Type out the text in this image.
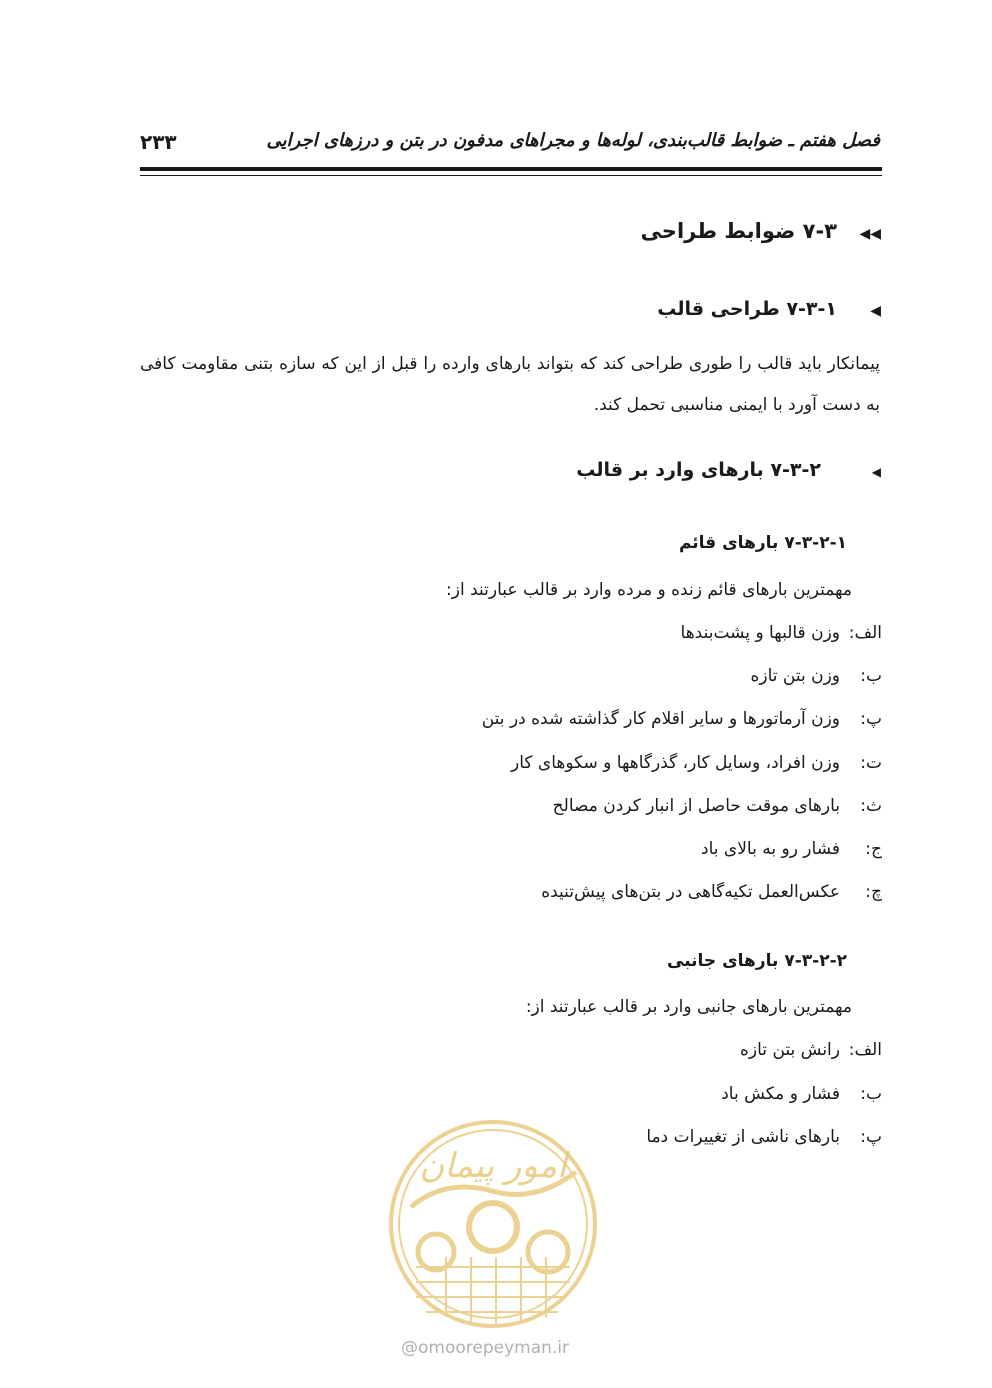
فصل هفتم ـ ضوابط قالب‌بندی، لوله‌ها و مجراهای مدفون در بتن و درزهای اجرایی
۲۳۳
◀◀۷-۳ ضوابط طراحی
◀۷-۳-۱ طراحی قالب
پیمانکار باید قالب را طوری طراحی کند که بتواند بارهای وارده را قبل از این که سازه بتنی مقاومت کافی به دست آورد با ایمنی مناسبی تحمل کند.
◀۷-۳-۲ بارهای وارد بر قالب
۷-۳-۲-۱ بارهای قائم
مهمترین بارهای قائم زنده و مرده وارد بر قالب عبارتند از:
الف:وزن قالبها و پشت‌بندها
ب:وزن بتن تازه
پ:وزن آرماتورها و سایر اقلام کار گذاشته شده در بتن
ت:وزن افراد، وسایل کار، گذرگاهها و سکوهای کار
ث:بارهای موقت حاصل از انبار کردن مصالح
ج:فشار رو به بالای باد
چ:عکس‌العمل تکیه‌گاهی در بتن‌های پیش‌تنیده
۷-۳-۲-۲ بارهای جانبی
مهمترین بارهای جانبی وارد بر قالب عبارتند از:
الف:رانش بتن تازه
ب:فشار و مکش باد
پ:بارهای ناشی از تغییرات دما
امور پیمان
@omoorepeyman.ir
